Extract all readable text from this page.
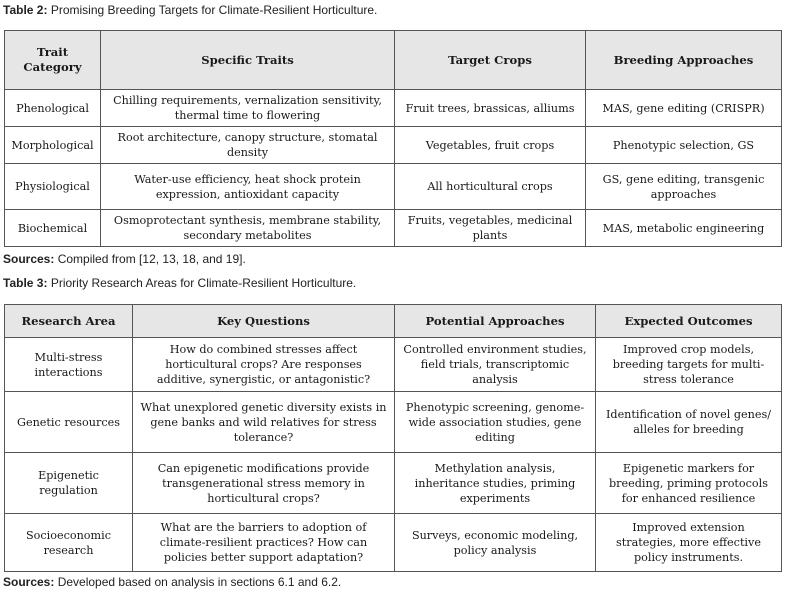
Table 2: Promising Breeding Targets for Climate-Resilient Horticulture.
Trait Category	Specific Traits	Target Crops	Breeding Approaches
Phenological	Chilling requirements, vernalization sensitivity, thermal time to flowering	Fruit trees, brassicas, alliums	MAS, gene editing (CRISPR)
Morphological	Root architecture, canopy structure, stomatal density	Vegetables, fruit crops	Phenotypic selection, GS
Physiological	Water-use efficiency, heat shock protein expression, antioxidant capacity	All horticultural crops	GS, gene editing, transgenic approaches
Biochemical	Osmoprotectant synthesis, membrane stability, secondary metabolites	Fruits, vegetables, medicinal plants	MAS, metabolic engineering
Sources: Compiled from [12, 13, 18, and 19].
Table 3: Priority Research Areas for Climate-Resilient Horticulture.
Research Area	Key Questions	Potential Approaches	Expected Outcomes
Multi-stress interactions	How do combined stresses affect horticultural crops? Are responses additive, synergistic, or antagonistic?	Controlled environment studies, field trials, transcriptomic analysis	Improved crop models, breeding targets for multi-stress tolerance
Genetic resources	What unexplored genetic diversity exists in gene banks and wild relatives for stress tolerance?	Phenotypic screening, genome-wide association studies, gene editing	Identification of novel genes/ alleles for breeding
Epigenetic regulation	Can epigenetic modifications provide transgenerational stress memory in horticultural crops?	Methylation analysis, inheritance studies, priming experiments	Epigenetic markers for breeding, priming protocols for enhanced resilience
Socioeconomic research	What are the barriers to adoption of climate-resilient practices? How can policies better support adaptation?	Surveys, economic modeling, policy analysis	Improved extension strategies, more effective policy instruments.
Sources: Developed based on analysis in sections 6.1 and 6.2.
